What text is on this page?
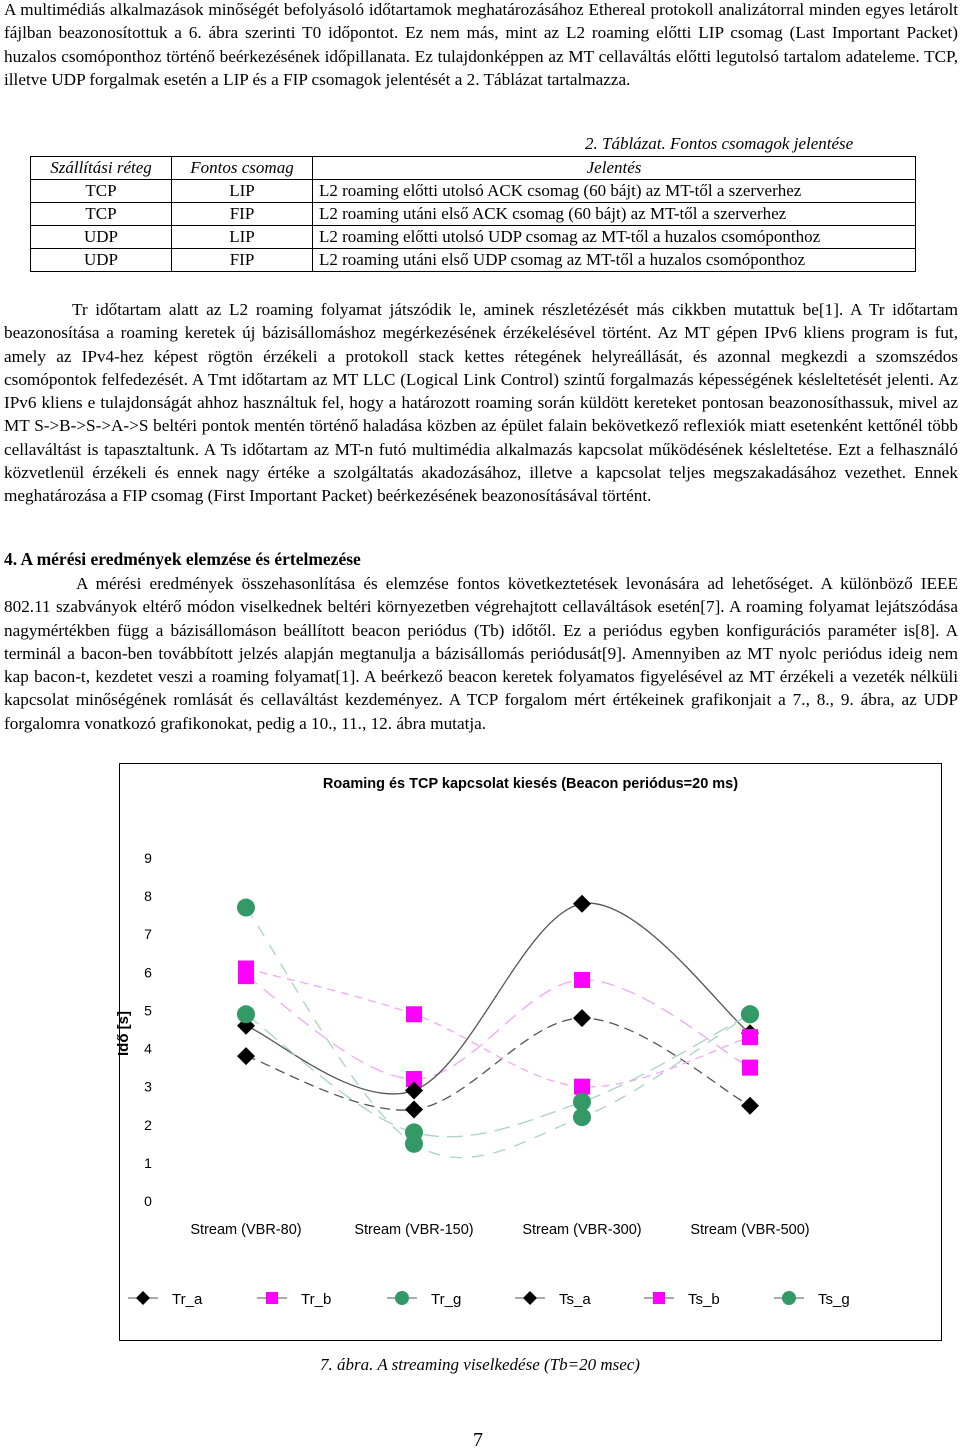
A multimédiás alkalmazások minőségét befolyásoló időtartamok meghatározásához Ethereal protokoll analizátorral minden egyes letárolt fájlban beazonosítottuk a 6. ábra szerinti T0 időpontot. Ez nem más, mint az L2 roaming előtti LIP csomag (Last Important Packet) huzalos csomóponthoz történő beérkezésének időpillanata. Ez tulajdonképpen az MT cellaváltás előtti legutolsó tartalom adateleme. TCP, illetve UDP forgalmak esetén a LIP és a FIP csomagok jelentését a 2. Táblázat tartalmazza.

2. Táblázat. Fontos csomagok jelentése
Szállítási réteg	Fontos csomag	Jelentés
TCP	LIP	L2 roaming előtti utolsó ACK csomag (60 bájt) az MT-től a szerverhez
TCP	FIP	L2 roaming utáni első ACK csomag (60 bájt) az MT-től a szerverhez
UDP	LIP	L2 roaming előtti utolsó UDP csomag az MT-től a huzalos csomóponthoz
UDP	FIP	L2 roaming utáni első UDP csomag az MT-től a huzalos csomóponthoz

Tr időtartam alatt az L2 roaming folyamat játszódik le, aminek részletézését más cikkben mutattuk be[1]. A Tr időtartam beazonosítása a roaming keretek új bázisállomáshoz megérkezésének érzékelésével történt. Az MT gépen IPv6 kliens program is fut, amely az IPv4-hez képest rögtön érzékeli a protokoll stack kettes rétegének helyreállását, és azonnal megkezdi a szomszédos csomópontok felfedezését. A Tmt időtartam az MT LLC (Logical Link Control) szintű forgalmazás képességének késleltetését jelenti. Az IPv6 kliens e tulajdonságát ahhoz használtuk fel, hogy a határozott roaming során küldött kereteket pontosan beazonosíthassuk, mivel az MT S->B->S->A->S beltéri pontok mentén történő haladása közben az épület falain bekövetkező reflexiók miatt esetenként kettőnél több cellaváltást is tapasztaltunk. A Ts időtartam az MT-n futó multimédia alkalmazás kapcsolat működésének késleltetése. Ezt a felhasználó közvetlenül érzékeli és ennek nagy értéke a szolgáltatás akadozásához, illetve a kapcsolat teljes megszakadásához vezethet. Ennek meghatározása a FIP csomag (First Important Packet) beérkezésének beazonosításával történt.

4. A mérési eredmények elemzése és értelmezése

A mérési eredmények összehasonlítása és elemzése fontos következtetések levonására ad lehetőséget. A különböző IEEE 802.11 szabványok eltérő módon viselkednek beltéri környezetben végrehajtott cellaváltások esetén[7]. A roaming folyamat lejátszódása nagymértékben függ a bázisállomáson beállított beacon periódus (Tb) időtől. Ez a periódus egyben konfigurációs paraméter is[8]. A terminál a bacon-ben továbbított jelzés alapján megtanulja a bázisállomás periódusát[9]. Amennyiben az MT nyolc periódus ideig nem kap bacon-t, kezdetet veszi a roaming folyamat[1]. A beérkező beacon keretek folyamatos figyelésével az MT érzékeli a vezeték nélküli kapcsolat minőségének romlását és cellaváltást kezdeményez. A TCP forgalom mért értékeinek grafikonjait a 7., 8., 9. ábra, az UDP forgalomra vonatkozó grafikonokat, pedig a 10., 11., 12. ábra mutatja.

Roaming és TCP kapcsolat kiesés (Beacon periódus=20 ms)
0
1
2
3
4
5
6
7
8
9
Idő [s]
Stream (VBR-80)	Stream (VBR-150)	Stream (VBR-300)	Stream (VBR-500)
Tr_a	Tr_b	Tr_g	Ts_a	Ts_b	Ts_g
7. ábra. A streaming viselkedése (Tb=20 msec)
7
